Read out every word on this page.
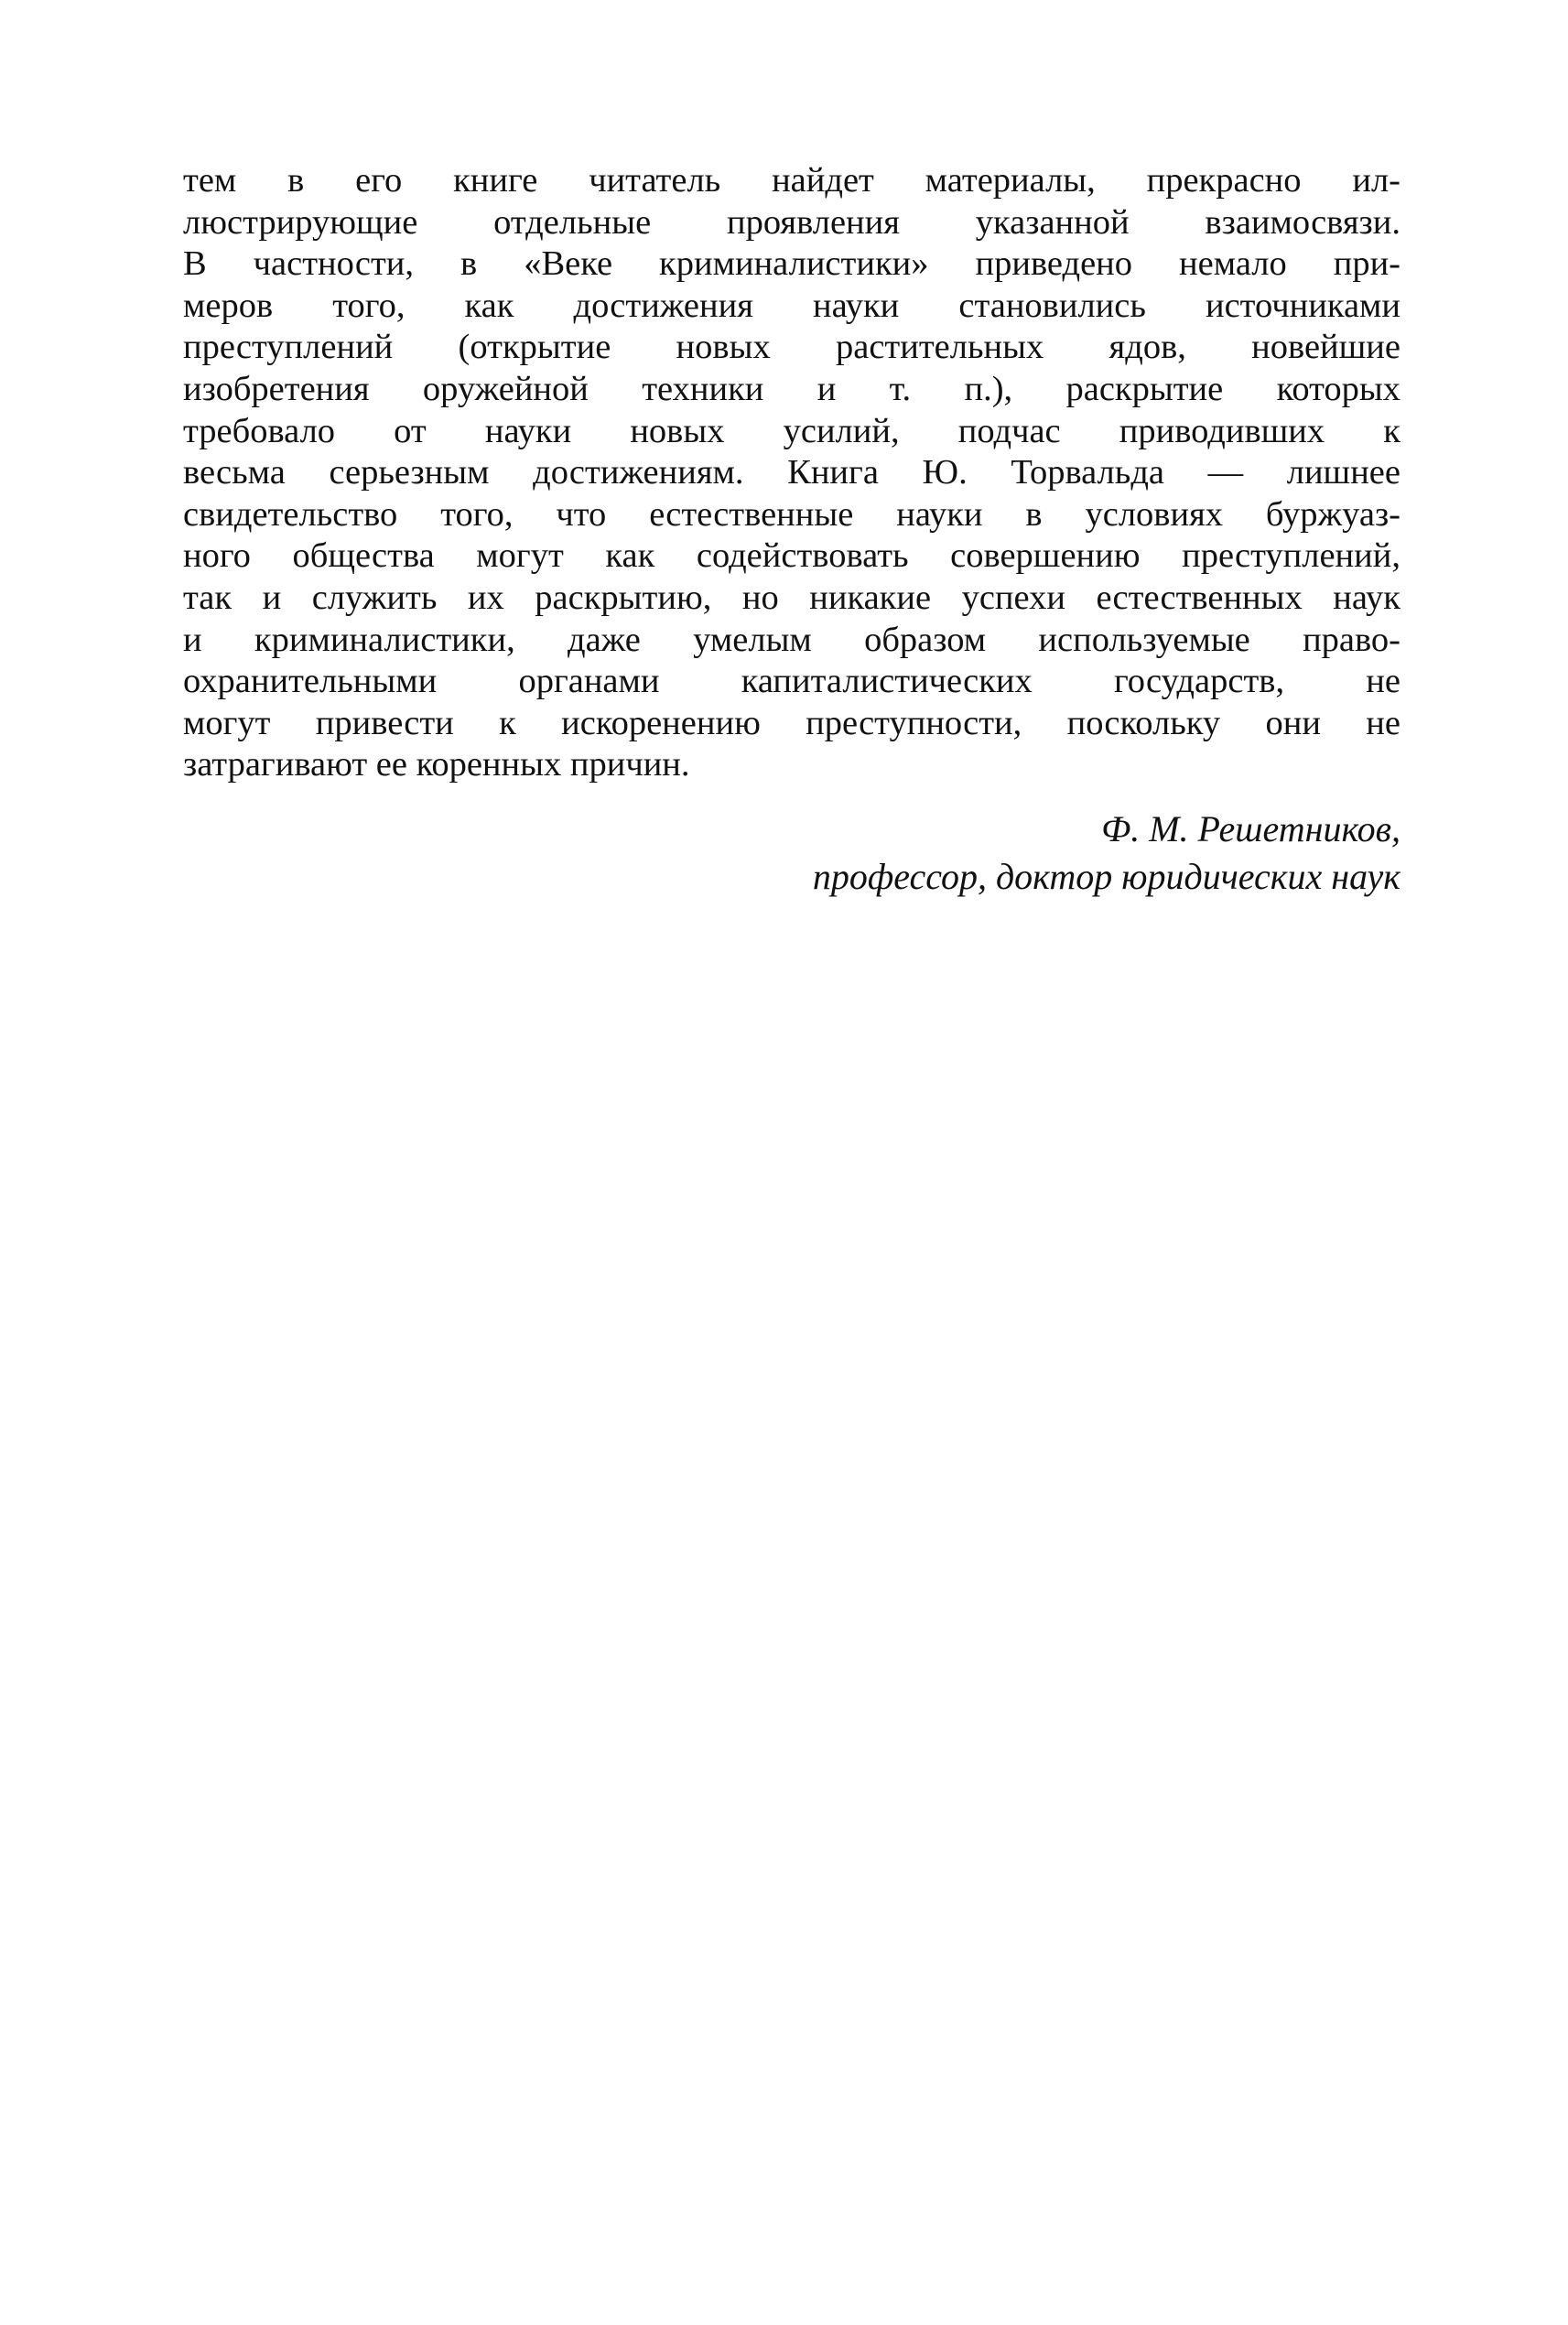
тем в его книге читатель найдет материалы, прекрасно ил-
люстрирующие отдельные проявления указанной взаимосвязи.
В частности, в «Веке криминалистики» приведено немало при-
меров того, как достижения науки становились источниками
преступлений (открытие новых растительных ядов, новейшие
изобретения оружейной техники и т. п.), раскрытие которых
требовало от науки новых усилий, подчас приводивших к
весьма серьезным достижениям. Книга Ю. Торвальда — лишнее
свидетельство того, что естественные науки в условиях буржуаз-
ного общества могут как содействовать совершению преступлений,
так и служить их раскрытию, но никакие успехи естественных наук
и криминалистики, даже умелым образом используемые право-
охранительными органами капиталистических государств, не
могут привести к искоренению преступности, поскольку они не
затрагивают ее коренных причин.
Ф. М. Решетников,
профессор, доктор юридических наук
